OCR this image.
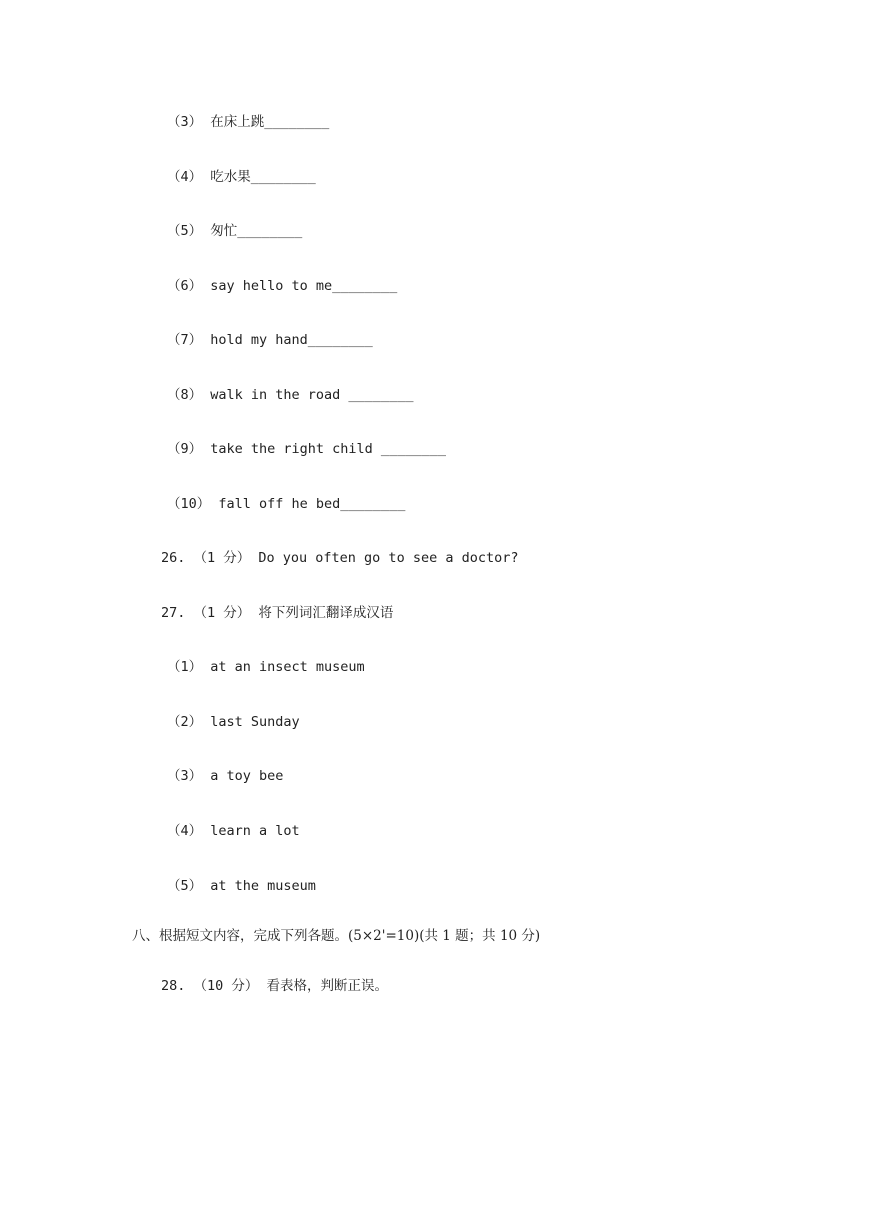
（3） 在床上跳________
（4） 吃水果________
（5） 匆忙________
（6） say hello to me________
（7） hold my hand________
（8） walk in the road ________
（9） take the right child ________
（10） fall off he bed________
26. （1 分） Do you often go to see a doctor?
27. （1 分） 将下列词汇翻译成汉语
（1） at an insect museum
（2） last Sunday
（3） a toy bee
（4） learn a lot
（5） at the museum
八、根据短文内容，完成下列各题。(5×2'=10)(共 1 题；共 10 分)
28. （10 分） 看表格，判断正误。
